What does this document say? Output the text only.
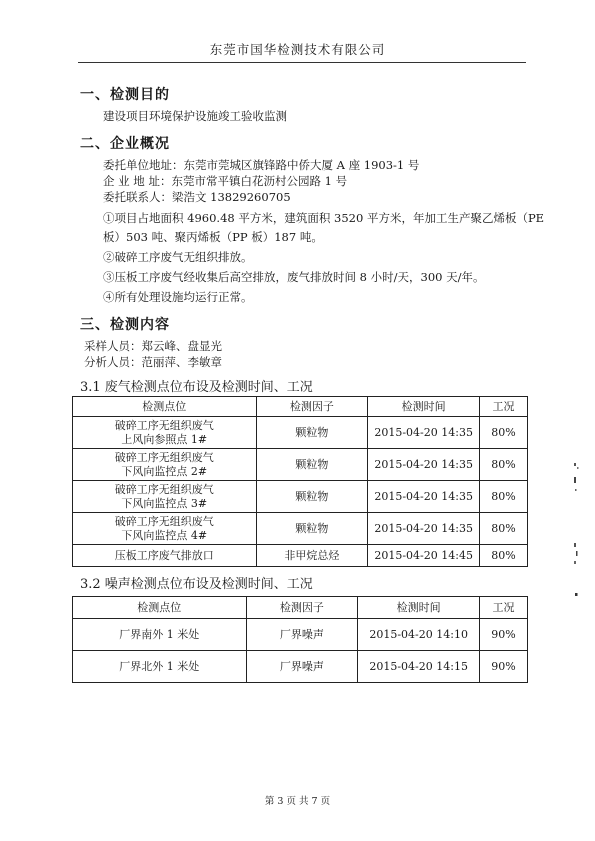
东莞市国华检测技术有限公司
一、检测目的
建设项目环境保护设施竣工验收监测
二、企业概况
委托单位地址：东莞市莞城区旗锋路中侨大厦 A 座 1903-1 号
企 业 地 址：东莞市常平镇白花沥村公园路 1 号
委托联系人：梁浩文 13829260705
①项目占地面积 4960.48 平方米，建筑面积 3520 平方米，年加工生产聚乙烯板（PE
板）503 吨、聚丙烯板（PP 板）187 吨。
②破碎工序废气无组织排放。
③压板工序废气经收集后高空排放，废气排放时间 8 小时/天，300 天/年。
④所有处理设施均运行正常。
三、检测内容
采样人员：郑云峰、盘显光
分析人员：范丽萍、李敏章
3.1 废气检测点位布设及检测时间、工况
检测点位	检测因子	检测时间	工况

破碎工序无组织废气
上风向参照点 1#	颗粒物	2015-04-20 14:35	80%

破碎工序无组织废气
下风向监控点 2#	颗粒物	2015-04-20 14:35	80%

破碎工序无组织废气
下风向监控点 3#	颗粒物	2015-04-20 14:35	80%

破碎工序无组织废气
下风向监控点 4#	颗粒物	2015-04-20 14:35	80%
压板工序废气排放口	非甲烷总烃	2015-04-20 14:45	80%
3.2 噪声检测点位布设及检测时间、工况
检测点位	检测因子	检测时间	工况
厂界南外 1 米处	厂界噪声	2015-04-20 14:10	90%
厂界北外 1 米处	厂界噪声	2015-04-20 14:15	90%
第 3 页 共 7 页
